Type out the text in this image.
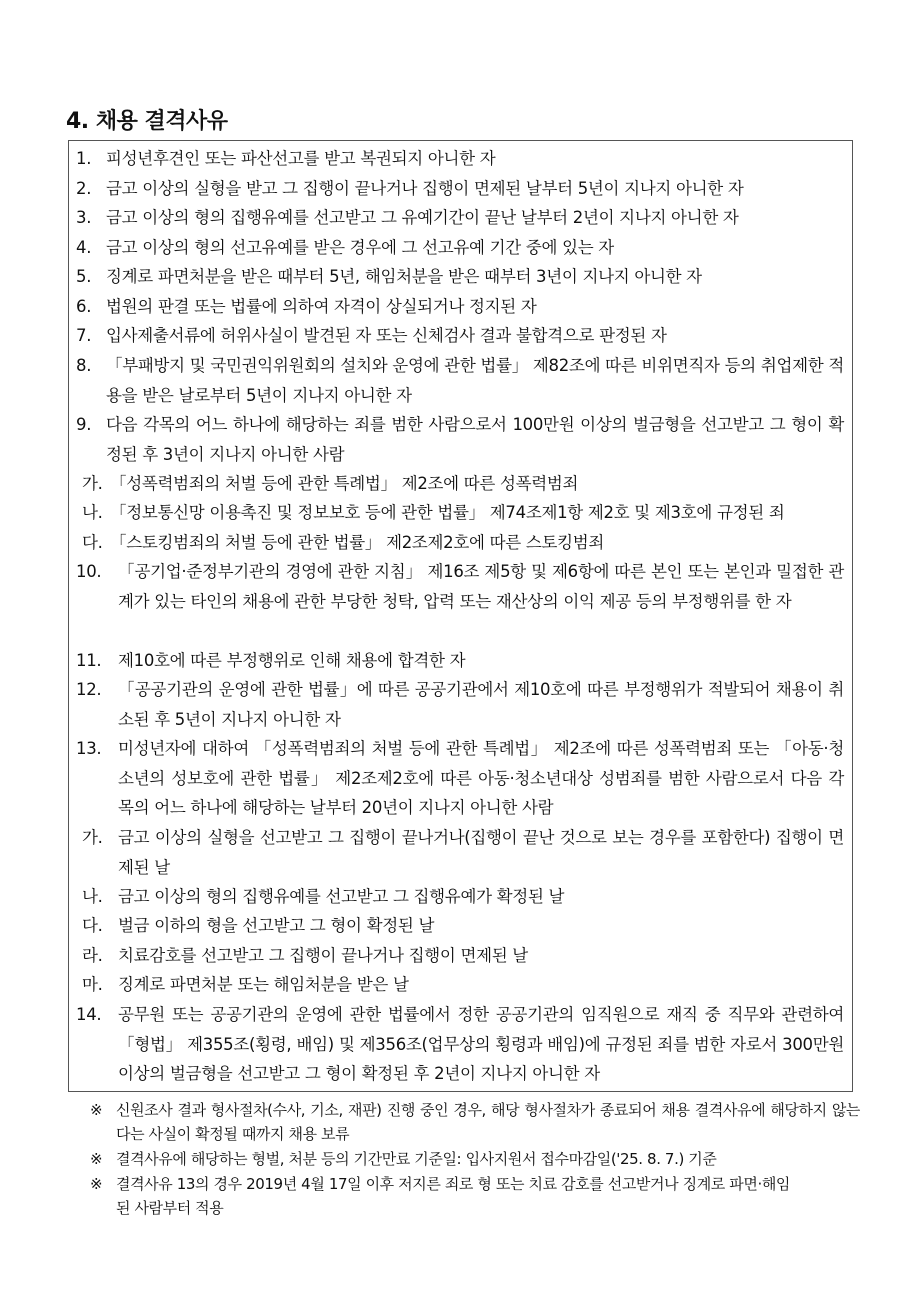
4. 채용 결격사유
1. 피성년후견인 또는 파산선고를 받고 복권되지 아니한 자
2. 금고 이상의 실형을 받고 그 집행이 끝나거나 집행이 면제된 날부터 5년이 지나지 아니한 자
3. 금고 이상의 형의 집행유예를 선고받고 그 유예기간이 끝난 날부터 2년이 지나지 아니한 자
4. 금고 이상의 형의 선고유예를 받은 경우에 그 선고유예 기간 중에 있는 자
5. 징계로 파면처분을 받은 때부터 5년, 해임처분을 받은 때부터 3년이 지나지 아니한 자
6. 법원의 판결 또는 법률에 의하여 자격이 상실되거나 정지된 자
7. 입사제출서류에 허위사실이 발견된 자 또는 신체검사 결과 불합격으로 판정된 자
8. 「부패방지 및 국민권익위원회의 설치와 운영에 관한 법률」 제82조에 따른 비위면직자 등의 취업제한 적용을 받은 날로부터 5년이 지나지 아니한 자
9. 다음 각목의 어느 하나에 해당하는 죄를 범한 사람으로서 100만원 이상의 벌금형을 선고받고 그 형이 확정된 후 3년이 지나지 아니한 사람
가. 「성폭력범죄의 처벌 등에 관한 특례법」 제2조에 따른 성폭력범죄
나. 「정보통신망 이용촉진 및 정보보호 등에 관한 법률」 제74조제1항 제2호 및 제3호에 규정된 죄
다. 「스토킹범죄의 처벌 등에 관한 법률」 제2조제2호에 따른 스토킹범죄
10.	「공기업·준정부기관의 경영에 관한 지침」 제16조 제5항 및 제6항에 따른 본인 또는 본인과 밀접한 관계가 있는 타인의 채용에 관한 부당한 청탁, 압력 또는 재산상의 이익 제공 등의 부정행위를 한 자
11.	제10호에 따른 부정행위로 인해 채용에 합격한 자
12.	「공공기관의 운영에 관한 법률」에 따른 공공기관에서 제10호에 따른 부정행위가 적발되어 채용이 취소된 후 5년이 지나지 아니한 자
13.	미성년자에 대하여 「성폭력범죄의 처벌 등에 관한 특례법」 제2조에 따른 성폭력범죄 또는 「아동·청소년의 성보호에 관한 법률」 제2조제2호에 따른 아동·청소년대상 성범죄를 범한 사람으로서 다음 각 목의 어느 하나에 해당하는 날부터 20년이 지나지 아니한 사람
가. 금고 이상의 실형을 선고받고 그 집행이 끝나거나(집행이 끝난 것으로 보는 경우를 포함한다) 집행이 면제된 날
나. 금고 이상의 형의 집행유예를 선고받고 그 집행유예가 확정된 날
다. 벌금 이하의 형을 선고받고 그 형이 확정된 날
라. 치료감호를 선고받고 그 집행이 끝나거나 집행이 면제된 날
마. 징계로 파면처분 또는 해임처분을 받은 날
14.	공무원 또는 공공기관의 운영에 관한 법률에서 정한 공공기관의 임직원으로 재직 중 직무와 관련하여 「형법」 제355조(횡령, 배임) 및 제356조(업무상의 횡령과 배임)에 규정된 죄를 범한 자로서 300만원 이상의 벌금형을 선고받고 그 형이 확정된 후 2년이 지나지 아니한 자
※ 신원조사 결과 형사절차(수사, 기소, 재판) 진행 중인 경우, 해당 형사절차가 종료되어 채용 결격사유에 해당하지 않는다는 사실이 확정될 때까지 채용 보류
※ 결격사유에 해당하는 형벌, 처분 등의 기간만료 기준일: 입사지원서 접수마감일('25. 8. 7.) 기준
※ 결격사유 13의 경우 2019년 4월 17일 이후 저지른 죄로 형 또는 치료 감호를 선고받거나 징계로 파면·해임된 사람부터 적용
